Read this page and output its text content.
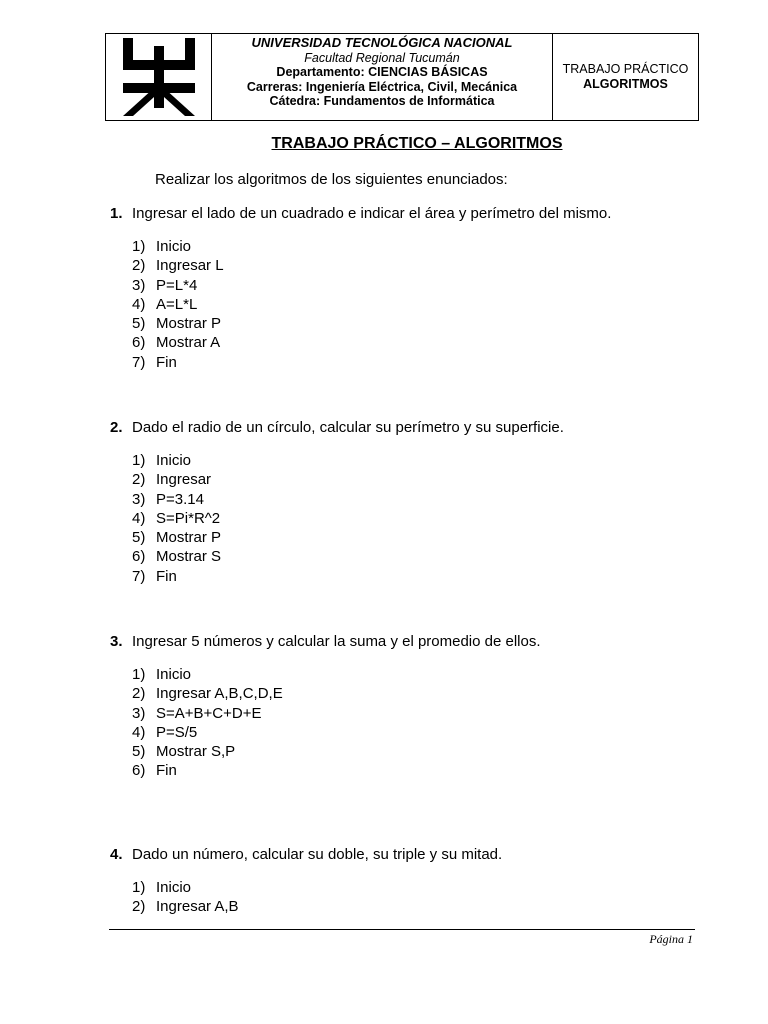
UNIVERSIDAD TECNOLÓGICA NACIONAL
Facultad Regional Tucumán
Departamento: CIENCIAS BÁSICAS
Carreras: Ingeniería Eléctrica, Civil, Mecánica
Cátedra: Fundamentos de Informática
TRABAJO PRÁCTICO
ALGORITMOS
TRABAJO PRÁCTICO – ALGORITMOS
Realizar los algoritmos de los siguientes enunciados:
1. Ingresar el lado de un cuadrado e indicar el área y perímetro del mismo.
1) Inicio
2) Ingresar L
3) P=L*4
4) A=L*L
5) Mostrar P
6) Mostrar A
7) Fin
2. Dado el radio de un círculo, calcular su perímetro y su superficie.
1) Inicio
2) Ingresar
3) P=3.14
4) S=Pi*R^2
5) Mostrar P
6) Mostrar S
7) Fin
3. Ingresar 5 números y calcular la suma y el promedio de ellos.
1) Inicio
2) Ingresar A,B,C,D,E
3) S=A+B+C+D+E
4) P=S/5
5) Mostrar S,P
6) Fin
4. Dado un número, calcular su doble, su triple y su mitad.
1) Inicio
2) Ingresar A,B
Página 1
